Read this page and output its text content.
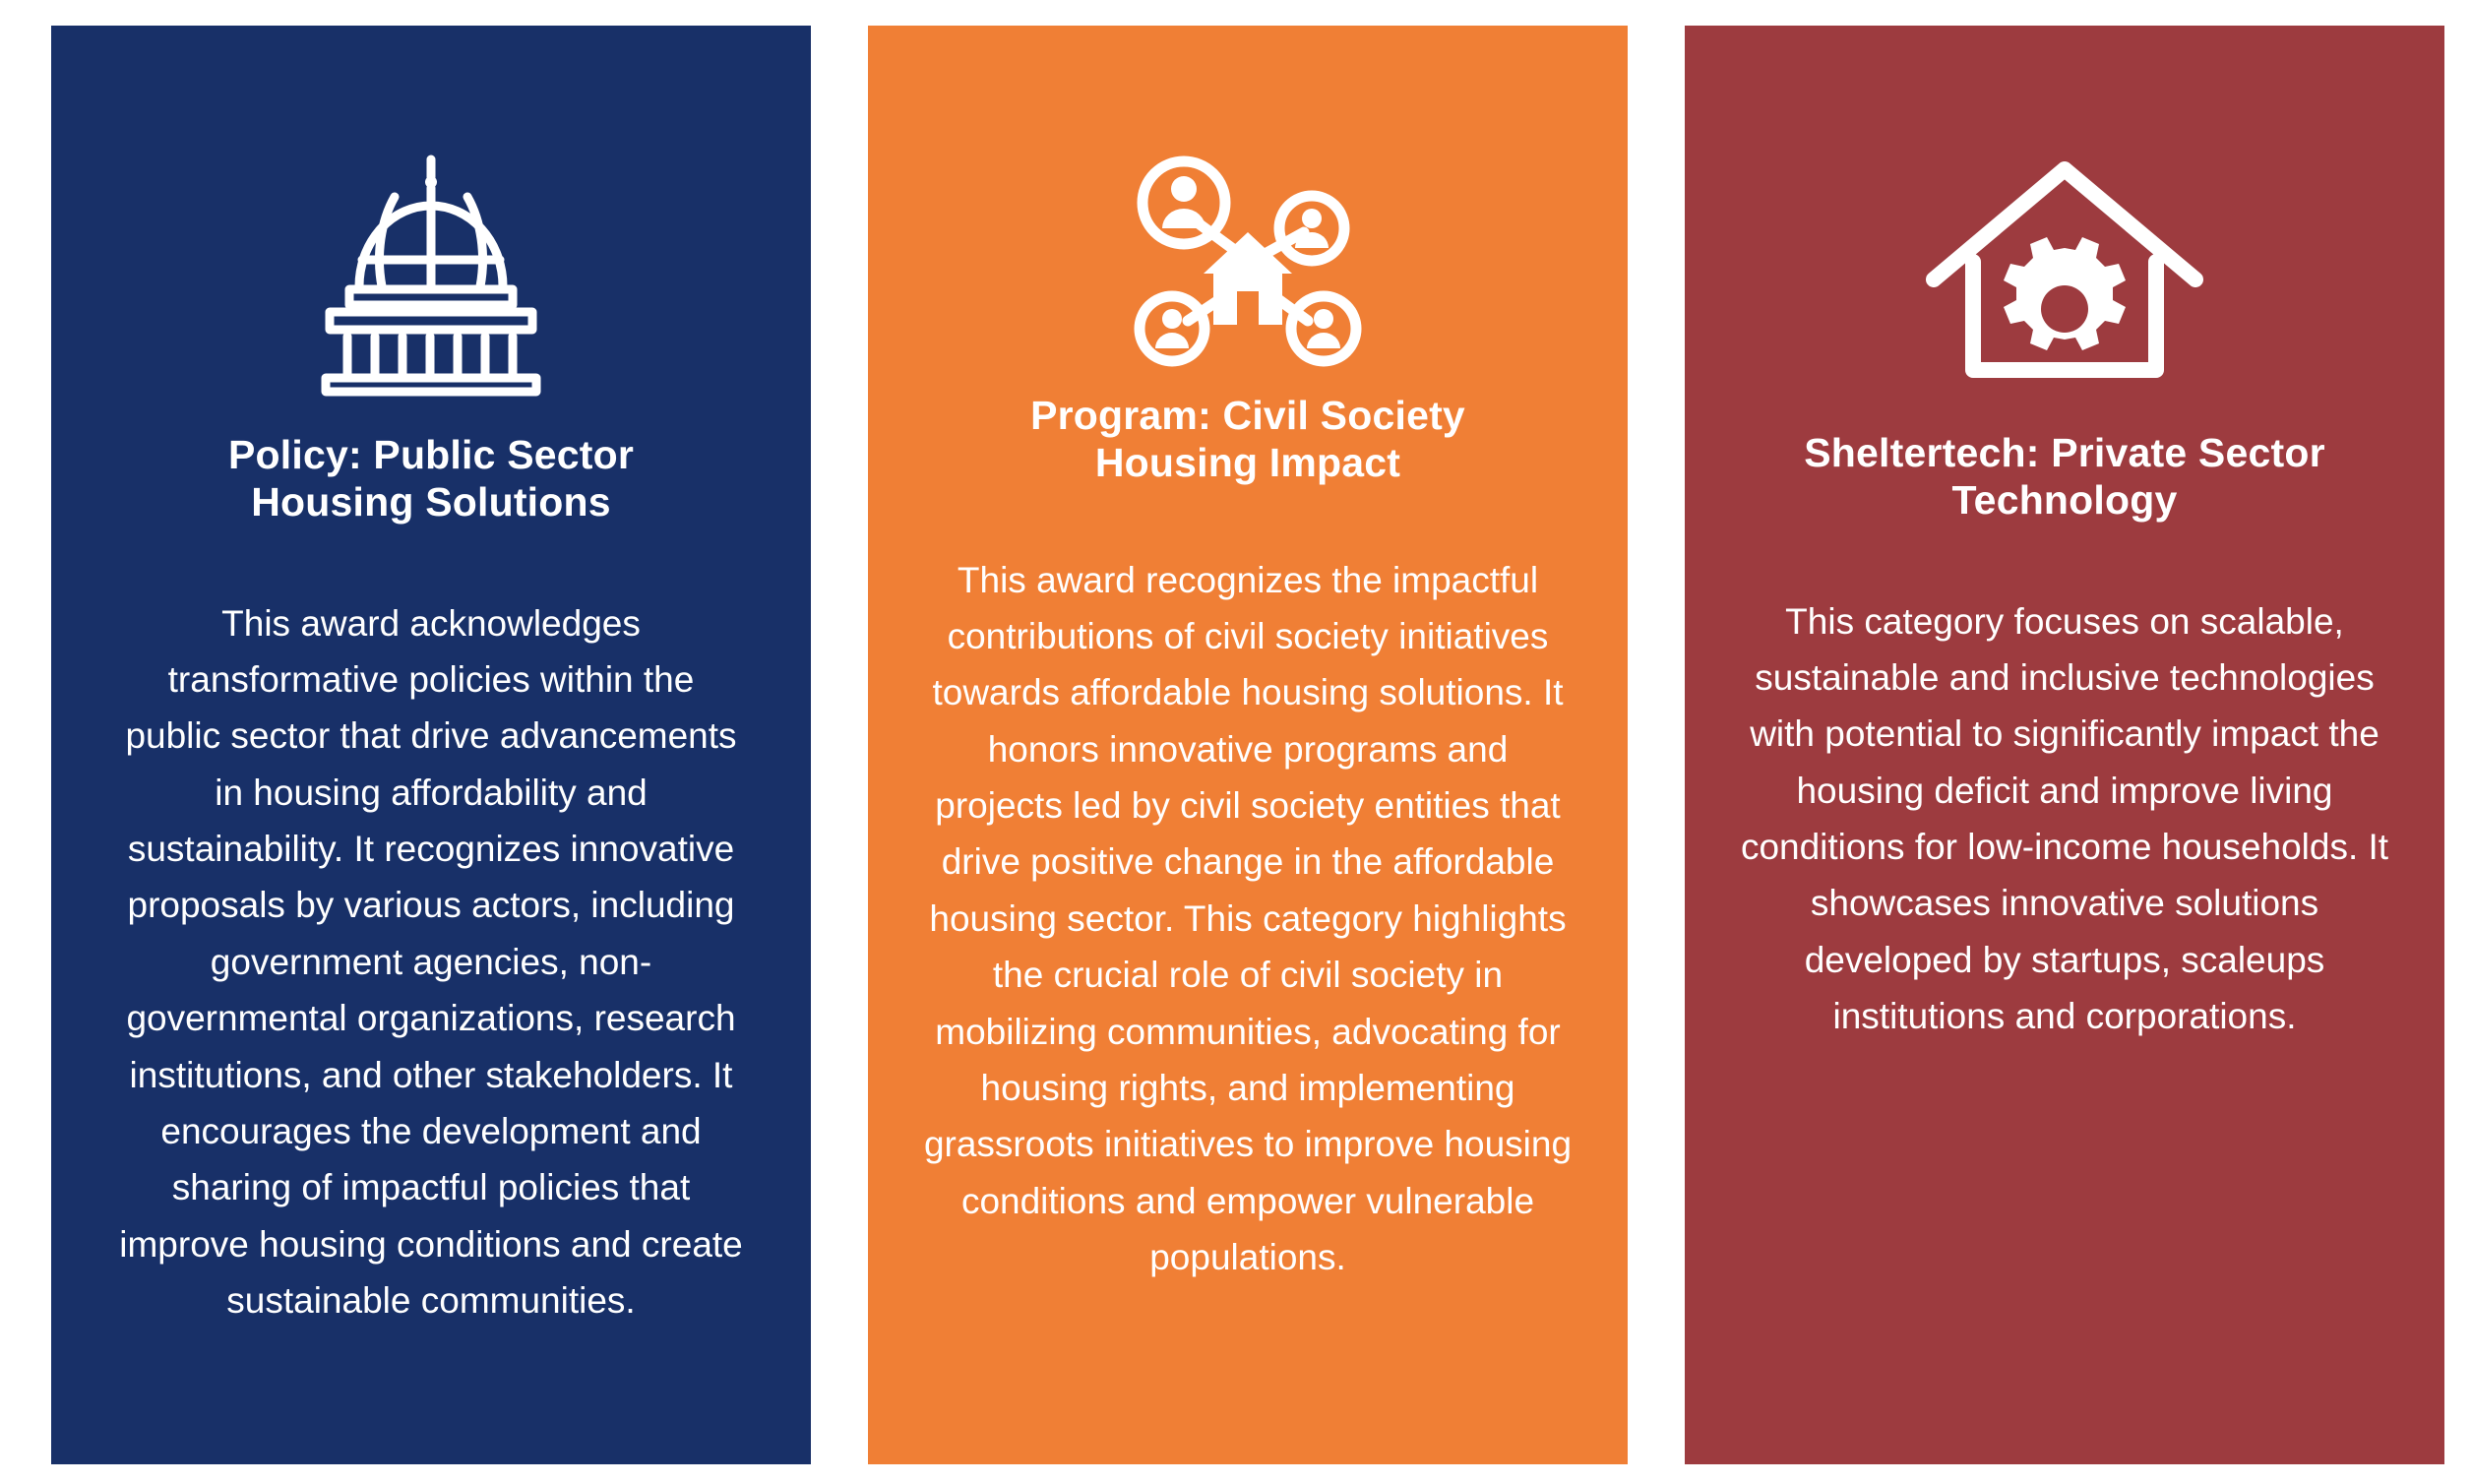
Policy: Public Sector
Housing Solutions

This award acknowledges transformative policies within the public sector that drive advancements in housing affordability and sustainability. It recognizes innovative proposals by various actors, including government agencies, non-governmental organizations, research institutions, and other stakeholders. It encourages the development and sharing of impactful policies that improve housing conditions and create sustainable communities.

Program: Civil Society
Housing Impact

This award recognizes the impactful contributions of civil society initiatives towards affordable housing solutions. It honors innovative programs and projects led by civil society entities that drive positive change in the affordable housing sector. This category highlights the crucial role of civil society in mobilizing communities, advocating for housing rights, and implementing grassroots initiatives to improve housing conditions and empower vulnerable populations.

Sheltertech: Private Sector
Technology

This category focuses on scalable, sustainable and inclusive technologies with potential to significantly impact the housing deficit and improve living conditions for low-income households. It showcases innovative solutions developed by startups, scaleups institutions and corporations.
